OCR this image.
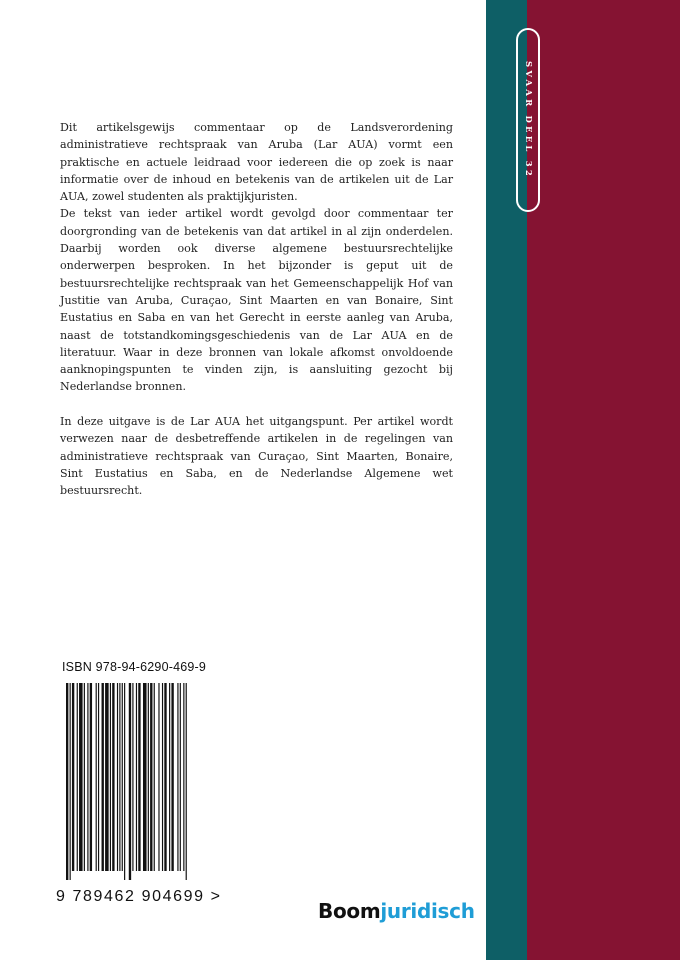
SVAAR DEEL 32

Dit artikelsgewijs commentaar op de Landsverordening administratieve rechtspraak van Aruba (Lar AUA) vormt een praktische en actuele leidraad voor iedereen die op zoek is naar informatie over de inhoud en betekenis van de artikelen uit de Lar AUA, zowel studenten als praktijkjuristen.

De tekst van ieder artikel wordt gevolgd door commentaar ter doorgronding van de betekenis van dat artikel in al zijn onderdelen. Daarbij worden ook diverse algemene bestuursrechtelijke onderwerpen besproken. In het bijzonder is geput uit de bestuursrechtelijke rechtspraak van het Gemeenschappelijk Hof van Justitie van Aruba, Curaçao, Sint Maarten en van Bonaire, Sint Eustatius en Saba en van het Gerecht in eerste aanleg van Aruba, naast de totstandkomingsgeschiedenis van de Lar AUA en de literatuur. Waar in deze bronnen van lokale afkomst onvoldoende aanknopingspunten te vinden zijn, is aansluiting gezocht bij Nederlandse bronnen.

In deze uitgave is de Lar AUA het uitgangspunt. Per artikel wordt verwezen naar de desbetreffende artikelen in de regelingen van administratieve rechtspraak van Curaçao, Sint Maarten, Bonaire, Sint Eustatius en Saba, en de Nederlandse Algemene wet bestuursrecht.

ISBN 978-94-6290-469-9
9 789462 904699 >
Boomjuridisch
